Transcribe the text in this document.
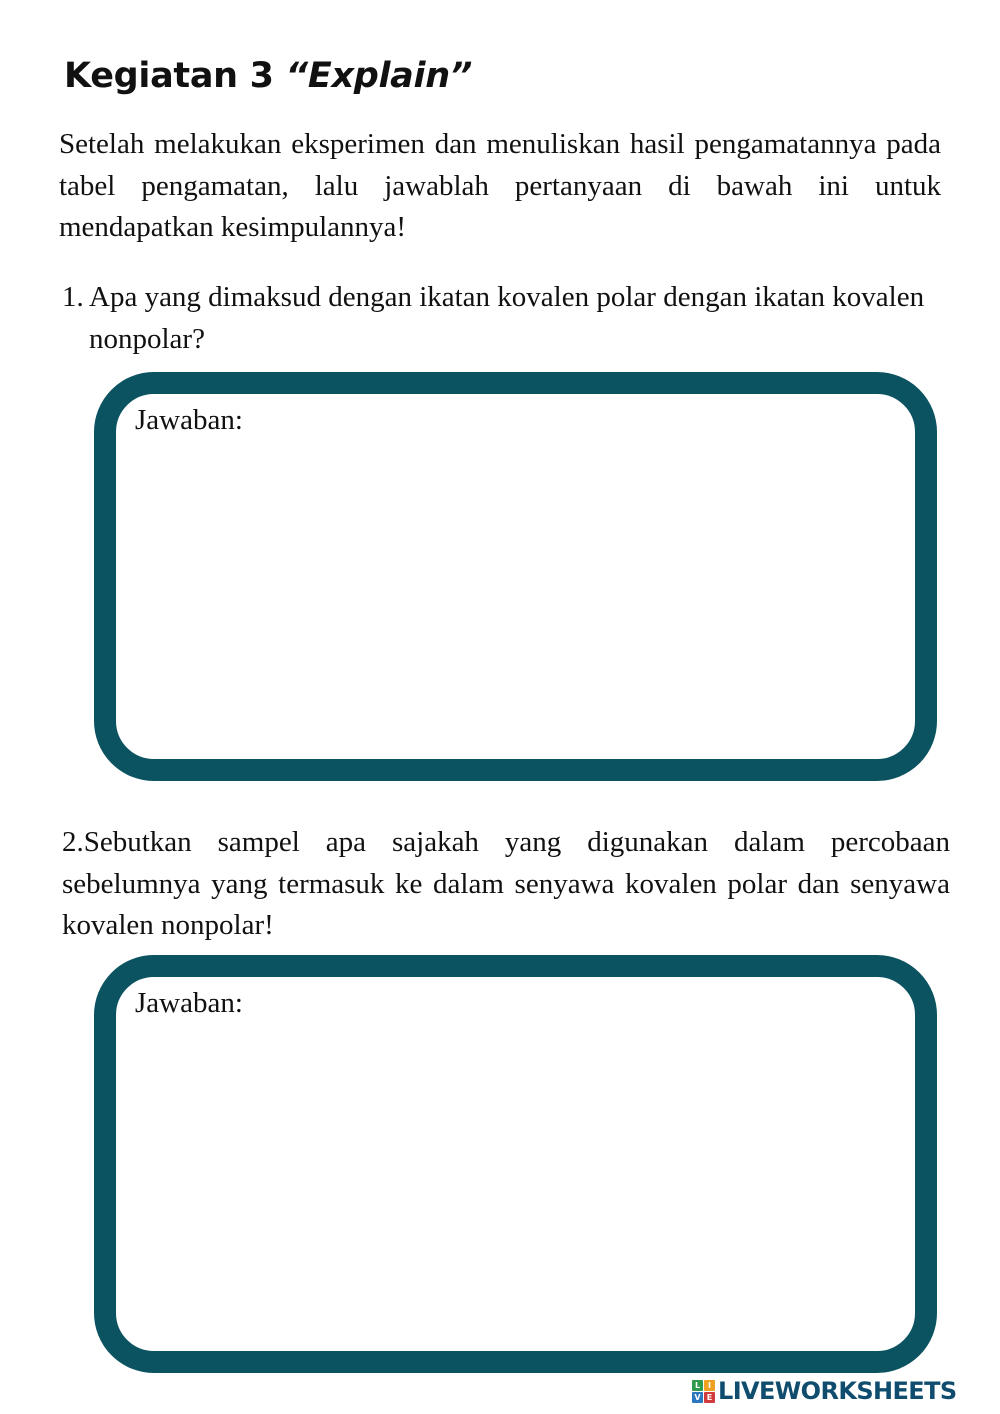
Kegiatan 3 “Explain”

Setelah melakukan eksperimen dan menuliskan hasil pengamatannya pada tabel pengamatan, lalu jawablah pertanyaan di bawah ini untuk mendapatkan kesimpulannya!

1. Apa yang dimaksud dengan ikatan kovalen polar dengan ikatan kovalen nonpolar?
Jawaban:

2.Sebutkan sampel apa sajakah yang digunakan dalam percobaan sebelumnya yang termasuk ke dalam senyawa kovalen polar dan senyawa kovalen nonpolar!

Jawaban:
L I
V E LIVEWORKSHEETS
